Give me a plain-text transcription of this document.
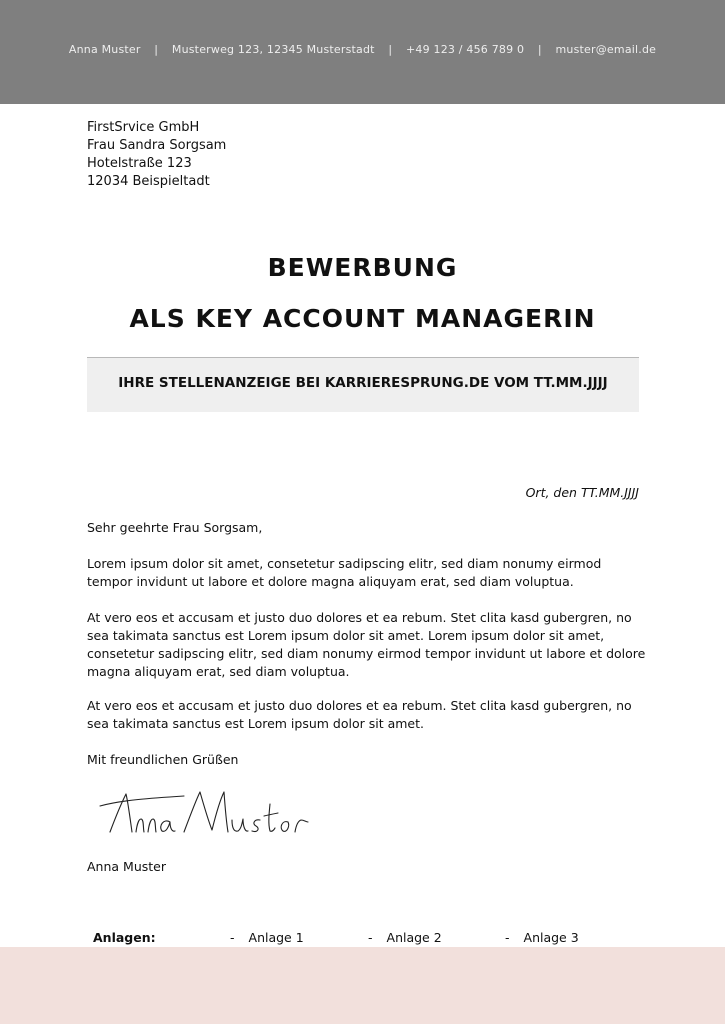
Anna Muster | Musterweg 123, 12345 Musterstadt | +49 123 / 456 789 0 | muster@email.de
FirstSrvice GmbH
Frau Sandra Sorgsam
Hotelstraße 123
12034 Beispieltadt
BEWERBUNG
ALS KEY ACCOUNT MANAGERIN
IHRE STELLENANZEIGE BEI KARRIERESPRUNG.DE VOM TT.MM.JJJJ
Ort, den TT.MM.JJJJ
Sehr geehrte Frau Sorgsam,
Lorem ipsum dolor sit amet, consetetur sadipscing elitr, sed diam nonumy eirmod tempor invidunt ut labore et dolore magna aliquyam erat, sed diam voluptua.
At vero eos et accusam et justo duo dolores et ea rebum. Stet clita kasd gubergren, no sea takimata sanctus est Lorem ipsum dolor sit amet. Lorem ipsum dolor sit amet, consetetur sadipscing elitr, sed diam nonumy eirmod tempor invidunt ut labore et dolore magna aliquyam erat, sed diam voluptua.
At vero eos et accusam et justo duo dolores et ea rebum. Stet clita kasd gubergren, no sea takimata sanctus est Lorem ipsum dolor sit amet.
Mit freundlichen Grüßen
Anna Muster
Anlagen:	- Anlage 1	- Anlage 2	- Anlage 3
